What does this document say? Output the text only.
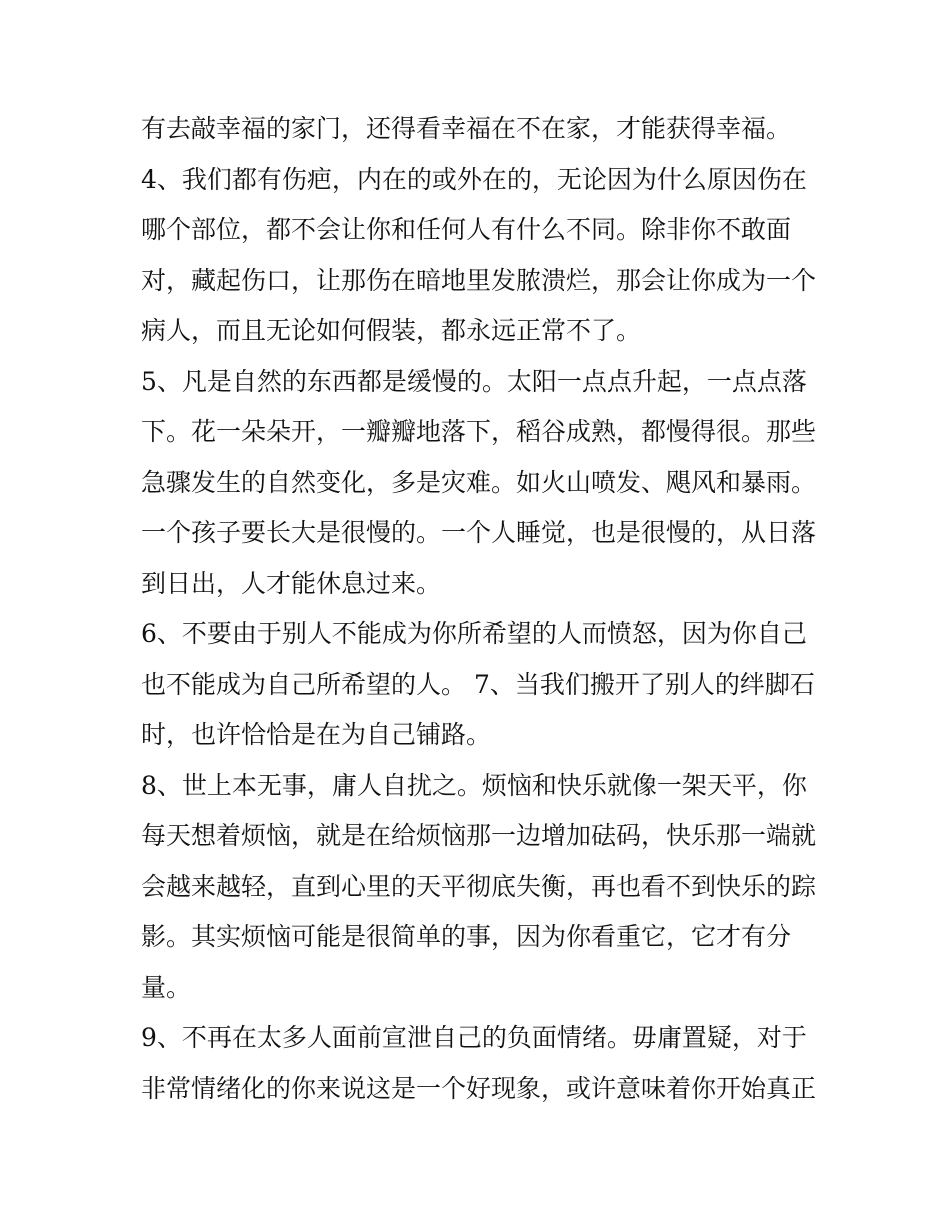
有去敲幸福的家门，还得看幸福在不在家，才能获得幸福。
4、我们都有伤疤，内在的或外在的，无论因为什么原因伤在
哪个部位，都不会让你和任何人有什么不同。除非你不敢面
对，藏起伤口，让那伤在暗地里发脓溃烂，那会让你成为一个
病人，而且无论如何假装，都永远正常不了。
5、凡是自然的东西都是缓慢的。太阳一点点升起，一点点落
下。花一朵朵开，一瓣瓣地落下，稻谷成熟，都慢得很。那些
急骤发生的自然变化，多是灾难。如火山喷发、飓风和暴雨。
一个孩子要长大是很慢的。一个人睡觉，也是很慢的，从日落
到日出，人才能休息过来。
6、不要由于别人不能成为你所希望的人而愤怒，因为你自己
也不能成为自己所希望的人。 7、当我们搬开了别人的绊脚石
时，也许恰恰是在为自己铺路。
8、世上本无事，庸人自扰之。烦恼和快乐就像一架天平，你
每天想着烦恼，就是在给烦恼那一边增加砝码，快乐那一端就
会越来越轻，直到心里的天平彻底失衡，再也看不到快乐的踪
影。其实烦恼可能是很简单的事，因为你看重它，它才有分
量。
9、不再在太多人面前宣泄自己的负面情绪。毋庸置疑，对于
非常情绪化的你来说这是一个好现象，或许意味着你开始真正
